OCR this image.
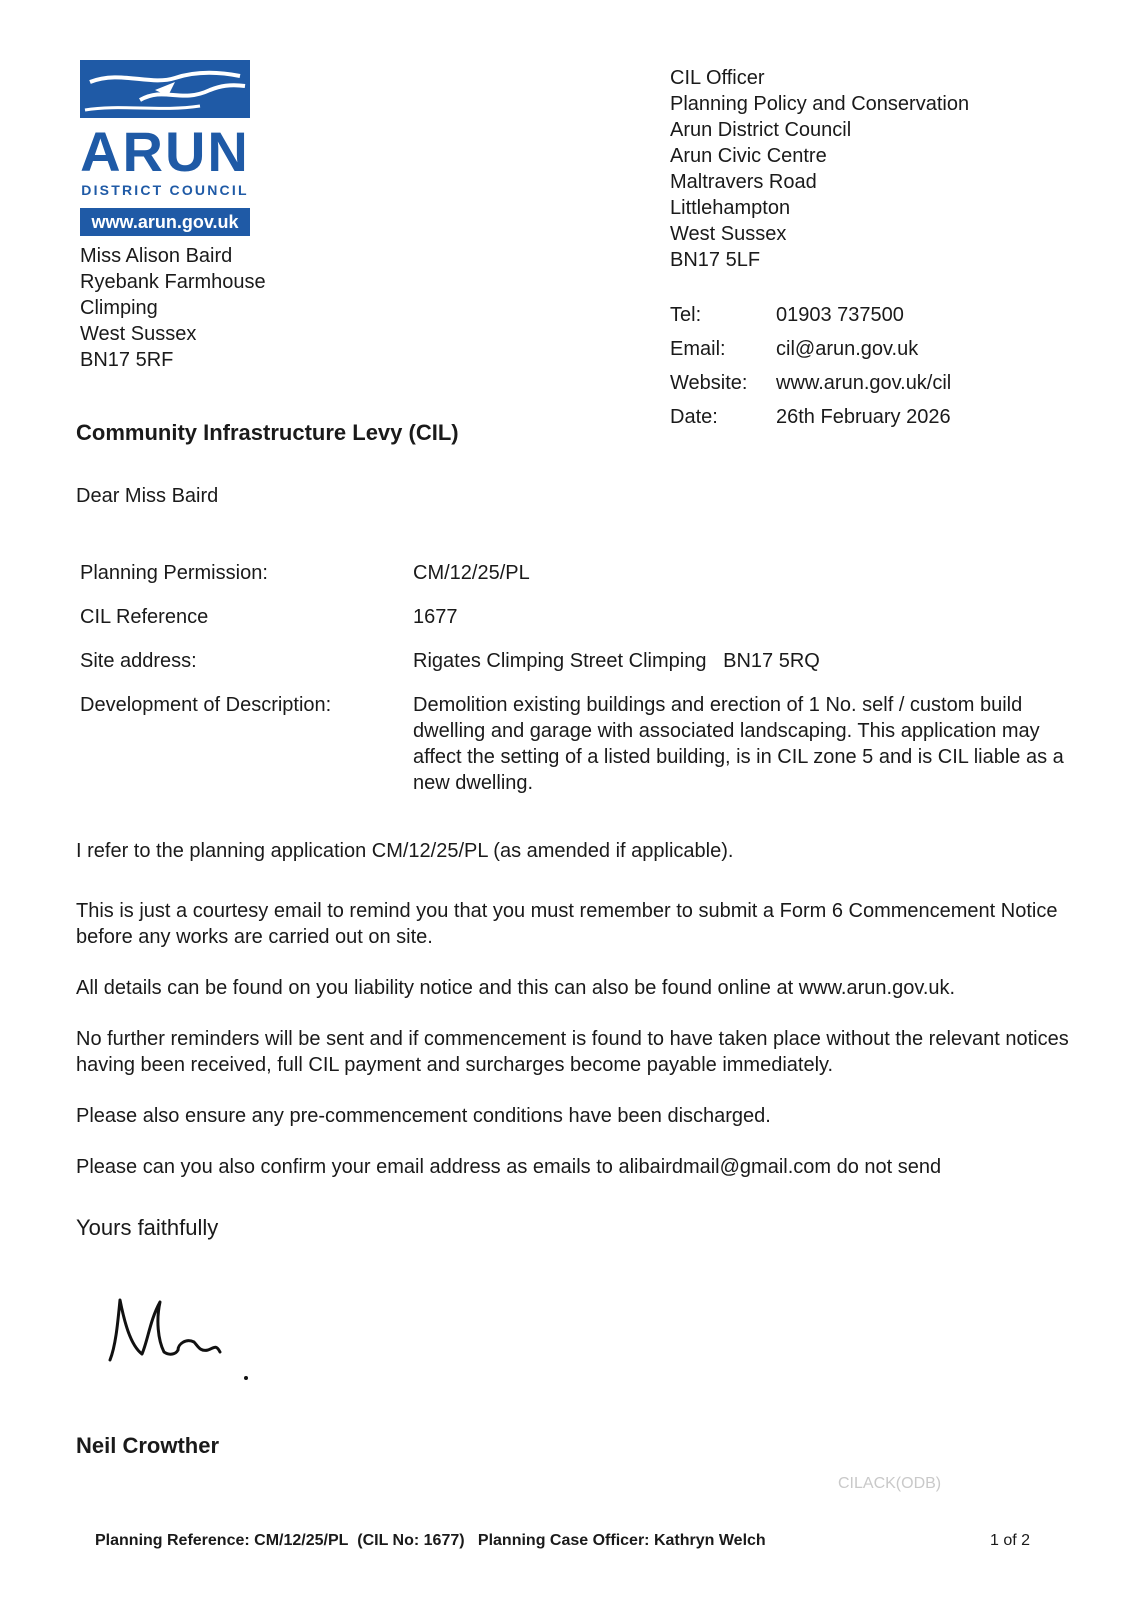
ARUN
DISTRICT COUNCIL
www.arun.gov.uk
Miss Alison Baird
Ryebank Farmhouse
Climping
West Sussex
BN17 5RF
CIL Officer
Planning Policy and Conservation
Arun District Council
Arun Civic Centre
Maltravers Road
Littlehampton
West Sussex
BN17 5LF
Tel:	01903 737500
Email:	cil@arun.gov.uk
Website:	www.arun.gov.uk/cil
Date:	26th February 2026
Community Infrastructure Levy (CIL)
Dear Miss Baird
Planning Permission:	CM/12/25/PL
CIL Reference	1677
Site address:	Rigates Climping Street Climping   BN17 5RQ
Development of Description:	Demolition existing buildings and erection of 1 No. self / custom build dwelling and garage with associated landscaping. This application may affect the setting of a listed building, is in CIL zone 5 and is CIL liable as a new dwelling.
I refer to the planning application CM/12/25/PL (as amended if applicable).
This is just a courtesy email to remind you that you must remember to submit a Form 6 Commencement Notice before any works are carried out on site.
All details can be found on you liability notice and this can also be found online at www.arun.gov.uk.
No further reminders will be sent and if commencement is found to have taken place without the relevant notices having been received, full CIL payment and surcharges become payable immediately.
Please also ensure any pre-commencement conditions have been discharged.
Please can you also confirm your email address as emails to alibairdmail@gmail.com do not send
Yours faithfully
Neil Crowther
CILACK(ODB)
Planning Reference: CM/12/25/PL  (CIL No: 1677)   Planning Case Officer: Kathryn Welch	1 of 2
